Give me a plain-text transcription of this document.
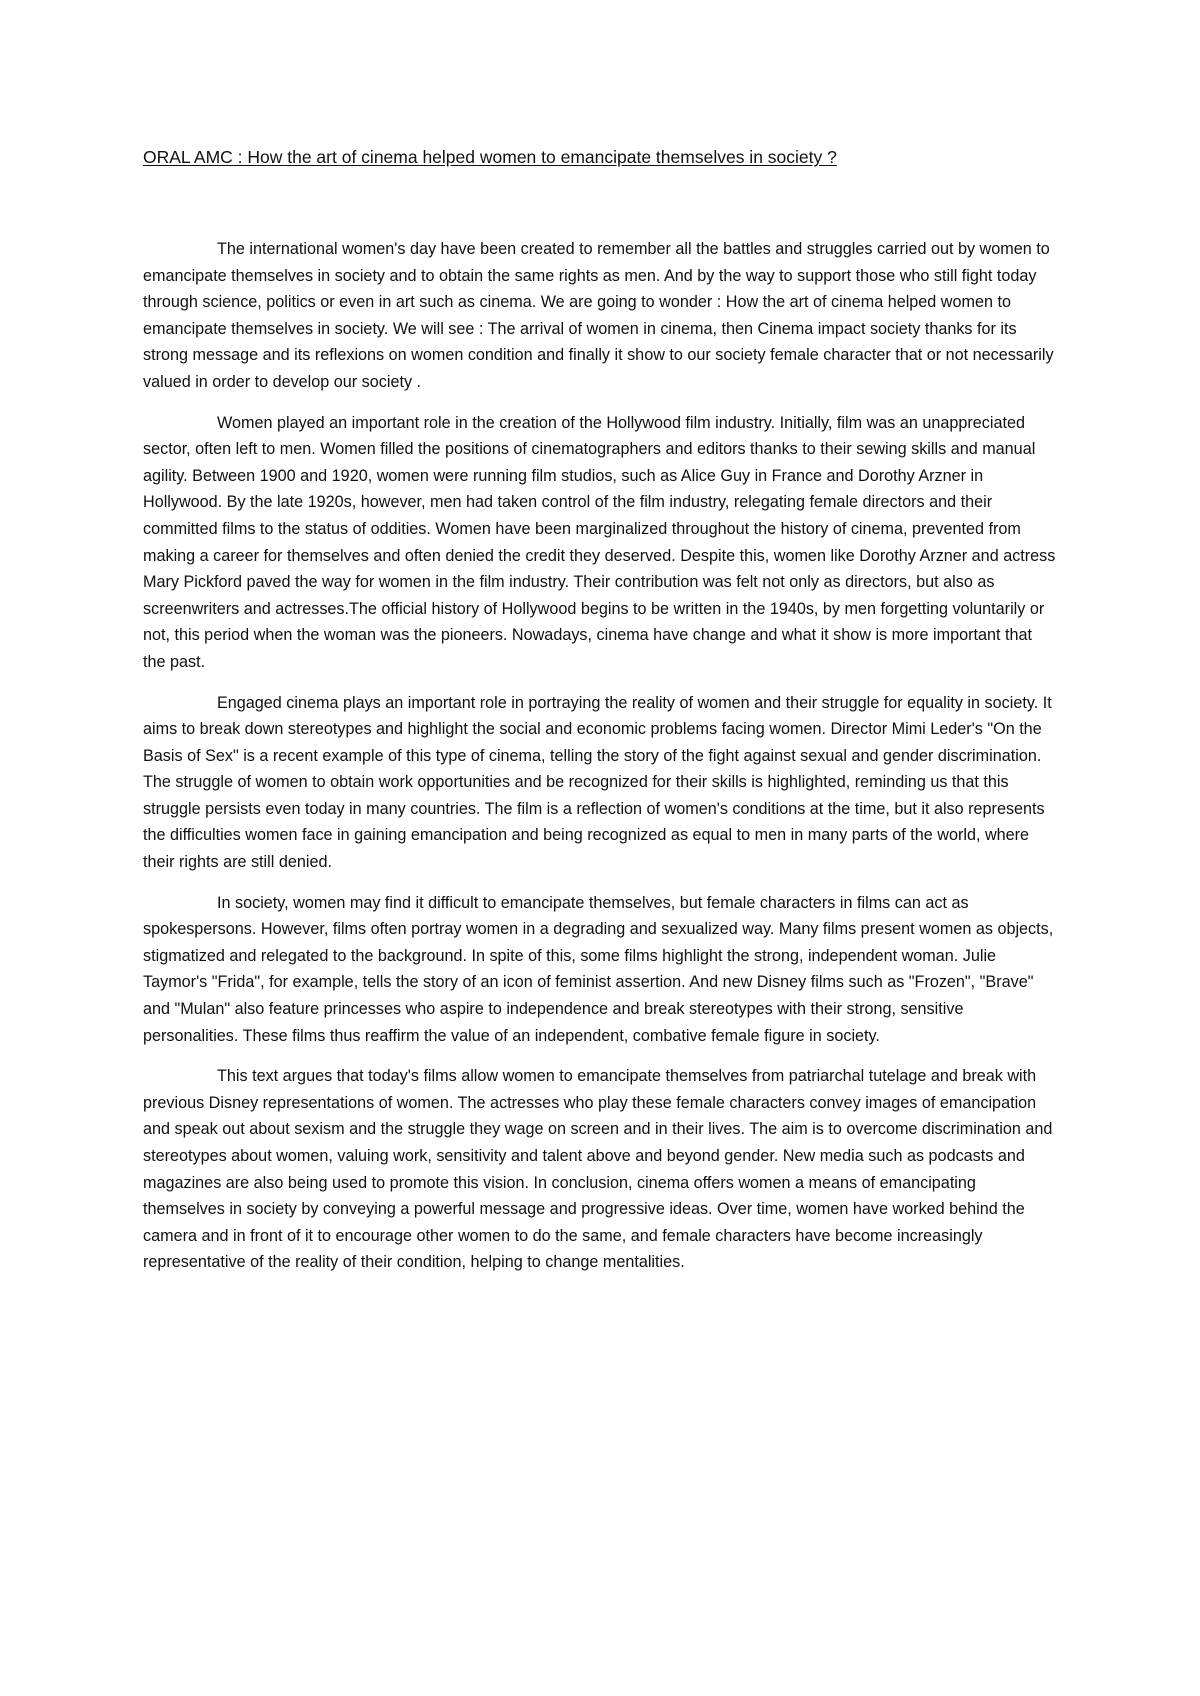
ORAL AMC : How the art of cinema helped women to emancipate themselves in society ?

The international women's day have been created to remember all the battles and struggles carried out by women to emancipate themselves in society and to obtain the same rights as men. And by the way to support those who still fight today through science, politics or even in art such as cinema. We are going to wonder : How the art of cinema helped women to emancipate themselves in society. We will see : The arrival of women in cinema, then Cinema impact society thanks for its strong message and its reflexions on women condition and finally it show to our society female character that or not necessarily valued in order to develop our society .

Women played an important role in the creation of the Hollywood film industry. Initially, film was an unappreciated sector, often left to men. Women filled the positions of cinematographers and editors thanks to their sewing skills and manual agility. Between 1900 and 1920, women were running film studios, such as Alice Guy in France and Dorothy Arzner in Hollywood. By the late 1920s, however, men had taken control of the film industry, relegating female directors and their committed films to the status of oddities. Women have been marginalized throughout the history of cinema, prevented from making a career for themselves and often denied the credit they deserved. Despite this, women like Dorothy Arzner and actress Mary Pickford paved the way for women in the film industry. Their contribution was felt not only as directors, but also as screenwriters and actresses.The official history of Hollywood begins to be written in the 1940s, by men forgetting voluntarily or not, this period when the woman was the pioneers. Nowadays, cinema have change and what it show is more important that the past.

Engaged cinema plays an important role in portraying the reality of women and their struggle for equality in society. It aims to break down stereotypes and highlight the social and economic problems facing women. Director Mimi Leder's "On the Basis of Sex" is a recent example of this type of cinema, telling the story of the fight against sexual and gender discrimination. The struggle of women to obtain work opportunities and be recognized for their skills is highlighted, reminding us that this struggle persists even today in many countries. The film is a reflection of women's conditions at the time, but it also represents the difficulties women face in gaining emancipation and being recognized as equal to men in many parts of the world, where their rights are still denied.

In society, women may find it difficult to emancipate themselves, but female characters in films can act as spokespersons. However, films often portray women in a degrading and sexualized way. Many films present women as objects, stigmatized and relegated to the background. In spite of this, some films highlight the strong, independent woman. Julie Taymor's "Frida", for example, tells the story of an icon of feminist assertion. And new Disney films such as "Frozen", "Brave" and "Mulan" also feature princesses who aspire to independence and break stereotypes with their strong, sensitive personalities. These films thus reaffirm the value of an independent, combative female figure in society.

This text argues that today's films allow women to emancipate themselves from patriarchal tutelage and break with previous Disney representations of women. The actresses who play these female characters convey images of emancipation and speak out about sexism and the struggle they wage on screen and in their lives. The aim is to overcome discrimination and stereotypes about women, valuing work, sensitivity and talent above and beyond gender. New media such as podcasts and magazines are also being used to promote this vision. In conclusion, cinema offers women a means of emancipating themselves in society by conveying a powerful message and progressive ideas. Over time, women have worked behind the camera and in front of it to encourage other women to do the same, and female characters have become increasingly representative of the reality of their condition, helping to change mentalities.
